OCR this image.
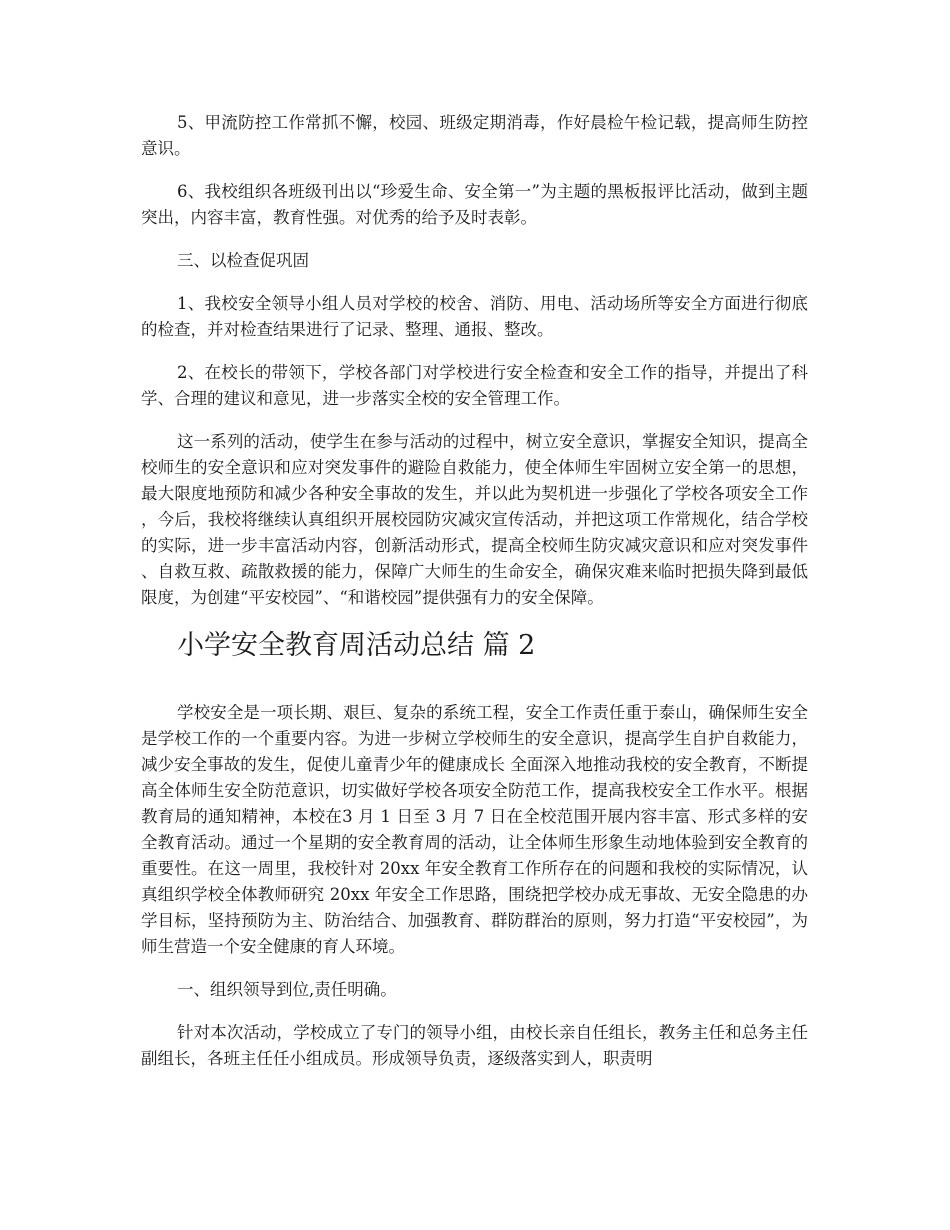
5、甲流防控工作常抓不懈，校园、班级定期消毒，作好晨检午检记载，提高师生防控意识。

6、我校组织各班级刊出以“珍爱生命、安全第一”为主题的黑板报评比活动，做到主题突出，内容丰富，教育性强。对优秀的给予及时表彰。

三、以检查促巩固

1、我校安全领导小组人员对学校的校舍、消防、用电、活动场所等安全方面进行彻底的检查，并对检查结果进行了记录、整理、通报、整改。

2、在校长的带领下，学校各部门对学校进行安全检查和安全工作的指导，并提出了科学、合理的建议和意见，进一步落实全校的安全管理工作。

这一系列的活动，使学生在参与活动的过程中，树立安全意识，掌握安全知识，提高全校师生的安全意识和应对突发事件的避险自救能力，使全体师生牢固树立安全第一的思想，最大限度地预防和减少各种安全事故的发生，并以此为契机进一步强化了学校各项安全工作，今后，我校将继续认真组织开展校园防灾减灾宣传活动，并把这项工作常规化，结合学校的实际，进一步丰富活动内容，创新活动形式，提高全校师生防灾减灾意识和应对突发事件、自救互救、疏散救援的能力，保障广大师生的生命安全，确保灾难来临时把损失降到最低限度，为创建“平安校园”、“和谐校园”提供强有力的安全保障。

小学安全教育周活动总结 篇 2

学校安全是一项长期、艰巨、复杂的系统工程，安全工作责任重于泰山，确保师生安全是学校工作的一个重要内容。为进一步树立学校师生的安全意识，提高学生自护自救能力，减少安全事故的发生，促使儿童青少年的健康成长 全面深入地推动我校的安全教育，不断提高全体师生安全防范意识，切实做好学校各项安全防范工作，提高我校安全工作水平。根据教育局的通知精神，本校在3 月 1 日至 3 月 7 日在全校范围开展内容丰富、形式多样的安全教育活动。通过一个星期的安全教育周的活动，让全体师生形象生动地体验到安全教育的重要性。在这一周里，我校针对 20xx 年安全教育工作所存在的问题和我校的实际情况，认真组织学校全体教师研究 20xx 年安全工作思路，围绕把学校办成无事故、无安全隐患的办学目标，坚持预防为主、防治结合、加强教育、群防群治的原则，努力打造“平安校园”，为师生营造一个安全健康的育人环境。

一、组织领导到位,责任明确。

针对本次活动，学校成立了专门的领导小组，由校长亲自任组长，教务主任和总务主任副组长，各班主任任小组成员。形成领导负责，逐级落实到人，职责明
